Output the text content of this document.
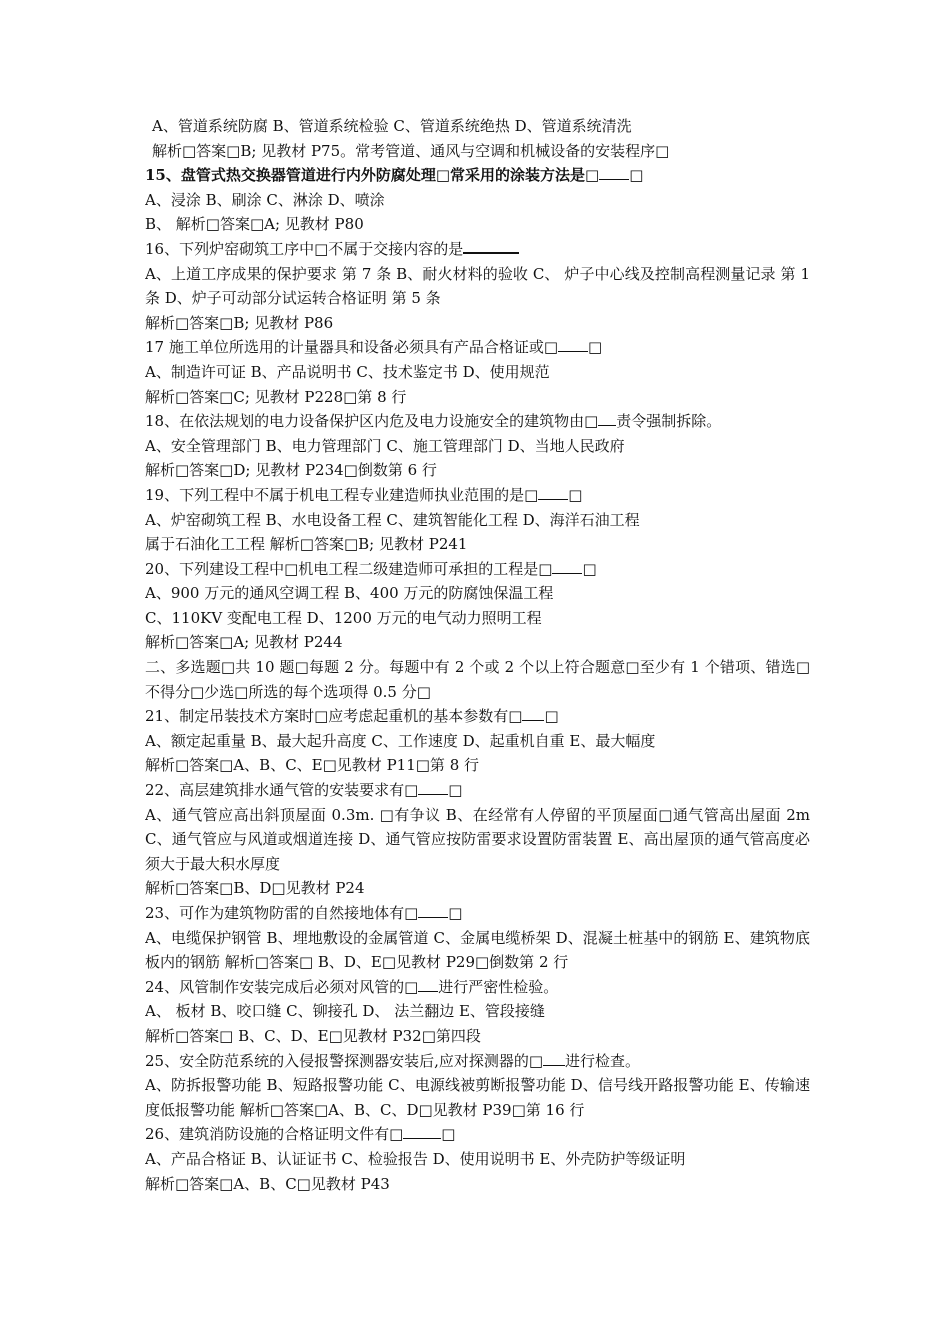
A、管道系统防腐 B、管道系统检验 C、管道系统绝热 D、管道系统清洗
解析□答案□B; 见教材 P75。常考管道、通风与空调和机械设备的安装程序□
15、盘管式热交换器管道进行内外防腐处理□常采用的涂装方法是□ □
A、浸涂 B、刷涂 C、淋涂 D、喷涂
B、 解析□答案□A; 见教材 P80
16、下列炉窑砌筑工序中□不属于交接内容的是
A、上道工序成果的保护要求 第 7 条 B、耐火材料的验收 C、 炉子中心线及控制高程测量记录 第 1 条 D、炉子可动部分试运转合格证明 第 5 条
解析□答案□B; 见教材 P86
17 施工单位所选用的计量器具和设备必须具有产品合格证或□ □
A、制造许可证 B、产品说明书 C、技术鉴定书 D、使用规范
解析□答案□C; 见教材 P228□第 8 行
18、在依法规划的电力设备保护区内危及电力设施安全的建筑物由□ 责令强制拆除。
A、安全管理部门 B、电力管理部门 C、施工管理部门 D、当地人民政府
解析□答案□D; 见教材 P234□倒数第 6 行
19、下列工程中不属于机电工程专业建造师执业范围的是□ □
A、炉窑砌筑工程 B、水电设备工程 C、建筑智能化工程 D、海洋石油工程
属于石油化工工程 解析□答案□B; 见教材 P241
20、下列建设工程中□机电工程二级建造师可承担的工程是□ □
A、900 万元的通风空调工程 B、400 万元的防腐蚀保温工程
C、110KV 变配电工程 D、1200 万元的电气动力照明工程
解析□答案□A; 见教材 P244
二、多选题□共 10 题□每题 2 分。每题中有 2 个或 2 个以上符合题意□至少有 1 个错项、错选□不得分□少选□所选的每个选项得 0.5 分□
21、制定吊装技术方案时□应考虑起重机的基本参数有□ □
A、额定起重量 B、最大起升高度 C、工作速度 D、起重机自重 E、最大幅度
解析□答案□A、B、C、E□见教材 P11□第 8 行
22、高层建筑排水通气管的安装要求有□ □
A、通气管应高出斜顶屋面 0.3m. □有争议 B、在经常有人停留的平顶屋面□通气管高出屋面 2m C、通气管应与风道或烟道连接 D、通气管应按防雷要求设置防雷装置 E、高出屋顶的通气管高度必须大于最大积水厚度
解析□答案□B、D□见教材 P24
23、可作为建筑物防雷的自然接地体有□ □
A、电缆保护钢管 B、埋地敷设的金属管道 C、金属电缆桥架 D、混凝土桩基中的钢筋 E、建筑物底板内的钢筋 解析□答案□ B、D、E□见教材 P29□倒数第 2 行
24、风管制作安装完成后必须对风管的□ 进行严密性检验。
A、 板材 B、咬口缝 C、铆接孔 D、 法兰翻边 E、管段接缝
解析□答案□ B、C、D、E□见教材 P32□第四段
25、安全防范系统的入侵报警探测器安装后,应对探测器的□ 进行检查。
A、防拆报警功能 B、短路报警功能 C、电源线被剪断报警功能 D、信号线开路报警功能 E、传输速度低报警功能 解析□答案□A、B、C、D□见教材 P39□第 16 行
26、建筑消防设施的合格证明文件有□	□
A、产品合格证 B、认证证书 C、检验报告 D、使用说明书 E、外壳防护等级证明
解析□答案□A、B、C□见教材 P43
